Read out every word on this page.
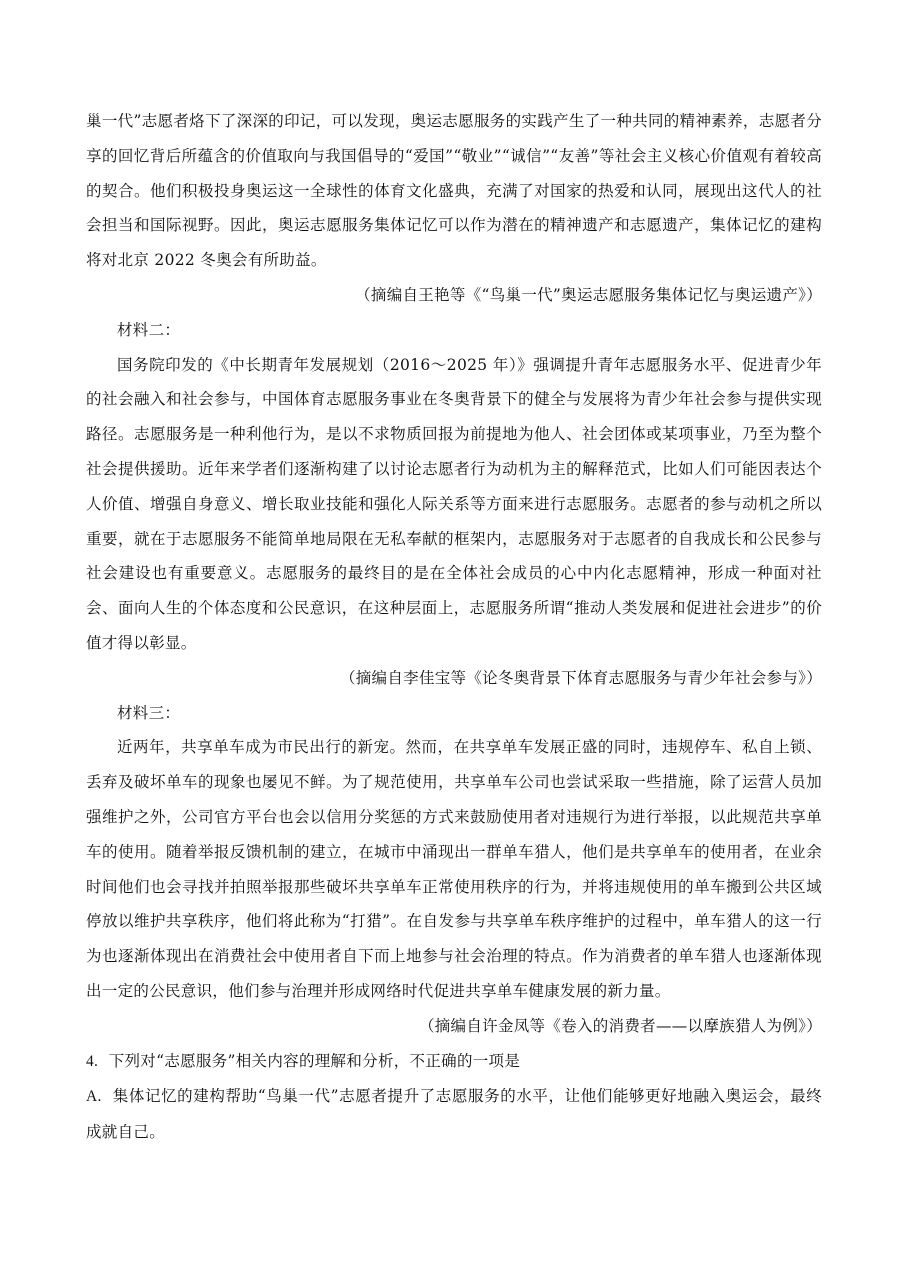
巢一代”志愿者烙下了深深的印记，可以发现，奥运志愿服务的实践产生了一种共同的精神素养，志愿者分享的回忆背后所蕴含的价值取向与我国倡导的“爱国”“敬业”“诚信”“友善”等社会主义核心价值观有着较高的契合。他们积极投身奥运这一全球性的体育文化盛典，充满了对国家的热爱和认同，展现出这代人的社会担当和国际视野。因此，奥运志愿服务集体记忆可以作为潜在的精神遗产和志愿遗产，集体记忆的建构将对北京 2022 冬奥会有所助益。

（摘编自王艳等《“鸟巢一代”奥运志愿服务集体记忆与奥运遗产》）

材料二：

国务院印发的《中长期青年发展规划（2016～2025 年）》强调提升青年志愿服务水平、促进青少年的社会融入和社会参与，中国体育志愿服务事业在冬奥背景下的健全与发展将为青少年社会参与提供实现路径。志愿服务是一种利他行为，是以不求物质回报为前提地为他人、社会团体或某项事业，乃至为整个社会提供援助。近年来学者们逐渐构建了以讨论志愿者行为动机为主的解释范式，比如人们可能因表达个人价值、增强自身意义、增长取业技能和强化人际关系等方面来进行志愿服务。志愿者的参与动机之所以重要，就在于志愿服务不能简单地局限在无私奉献的框架内，志愿服务对于志愿者的自我成长和公民参与社会建设也有重要意义。志愿服务的最终目的是在全体社会成员的心中内化志愿精神，形成一种面对社会、面向人生的个体态度和公民意识，在这种层面上，志愿服务所谓“推动人类发展和促进社会进步”的价值才得以彰显。

（摘编自李佳宝等《论冬奥背景下体育志愿服务与青少年社会参与》）

材料三：

近两年，共享单车成为市民出行的新宠。然而，在共享单车发展正盛的同时，违规停车、私自上锁、丢弃及破坏单车的现象也屡见不鲜。为了规范使用，共享单车公司也尝试采取一些措施，除了运营人员加强维护之外，公司官方平台也会以信用分奖惩的方式来鼓励使用者对违规行为进行举报，以此规范共享单车的使用。随着举报反馈机制的建立，在城市中涌现出一群单车猎人，他们是共享单车的使用者，在业余时间他们也会寻找并拍照举报那些破坏共享单车正常使用秩序的行为，并将违规使用的单车搬到公共区域停放以维护共享秩序，他们将此称为“打猎”。在自发参与共享单车秩序维护的过程中，单车猎人的这一行为也逐渐体现出在消费社会中使用者自下而上地参与社会治理的特点。作为消费者的单车猎人也逐渐体现出一定的公民意识，他们参与治理并形成网络时代促进共享单车健康发展的新力量。

（摘编自许金凤等《卷入的消费者——以摩族猎人为例》）

4. 下列对“志愿服务”相关内容的理解和分析，不正确的一项是

A. 集体记忆的建构帮助“鸟巢一代”志愿者提升了志愿服务的水平，让他们能够更好地融入奥运会，最终成就自己。
